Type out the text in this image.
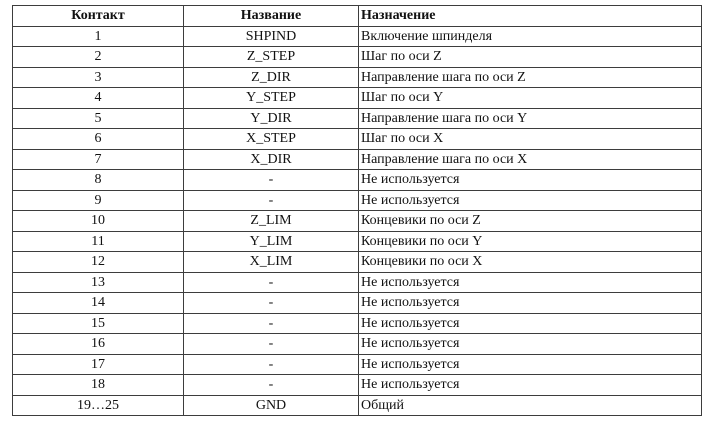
Контакт	Название	Назначение
1	SHPIND	Включение шпинделя
2	Z_STEP	Шаг по оси Z
3	Z_DIR	Направление шага по оси Z
4	Y_STEP	Шаг по оси Y
5	Y_DIR	Направление шага по оси Y
6	X_STEP	Шаг по оси X
7	X_DIR	Направление шага по оси X
8	-	Не используется
9	-	Не используется
10	Z_LIM	Концевики по оси Z
11	Y_LIM	Концевики по оси Y
12	X_LIM	Концевики по оси X
13	-	Не используется
14	-	Не используется
15	-	Не используется
16	-	Не используется
17	-	Не используется
18	-	Не используется
19…25	GND	Общий
